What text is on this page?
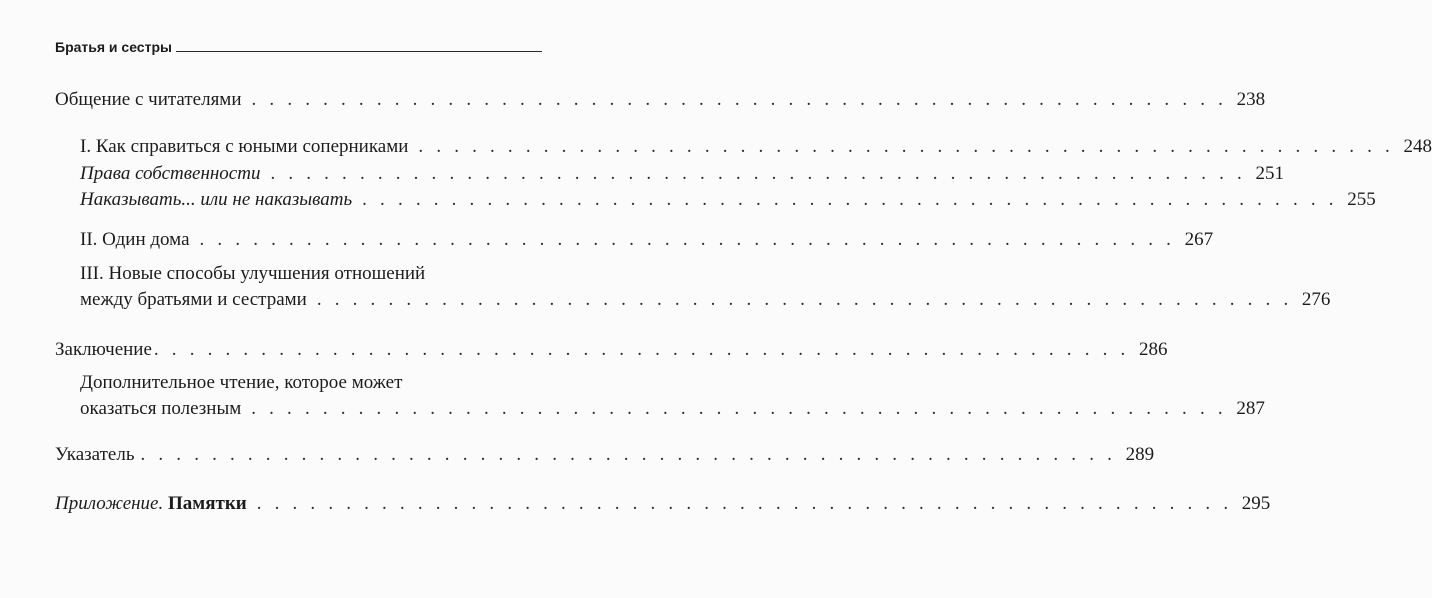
Братья и сестры
Общение с читателями . . . . . . . . . . . . . . . . . . . . . . . . . . . . . . . . . . . . . . . . . . . . . . . . . . . . . . . 238
I. Как справиться с юными соперниками . . . . . . . . . . . . . . . . . . . . . . . . . . . . . . . . . . . . . . . . . . . . . . . . . . . . . . . 248
Права собственности . . . . . . . . . . . . . . . . . . . . . . . . . . . . . . . . . . . . . . . . . . . . . . . . . . . . . . . 251
Наказывать... или не наказывать . . . . . . . . . . . . . . . . . . . . . . . . . . . . . . . . . . . . . . . . . . . . . . . . . . . . . . . 255
II. Один дома . . . . . . . . . . . . . . . . . . . . . . . . . . . . . . . . . . . . . . . . . . . . . . . . . . . . . . . 267
III. Новые способы улучшения отношений
между братьями и сестрами . . . . . . . . . . . . . . . . . . . . . . . . . . . . . . . . . . . . . . . . . . . . . . . . . . . . . . . 276
Заключение . . . . . . . . . . . . . . . . . . . . . . . . . . . . . . . . . . . . . . . . . . . . . . . . . . . . . . . 286
Дополнительное чтение, которое может
оказаться полезным . . . . . . . . . . . . . . . . . . . . . . . . . . . . . . . . . . . . . . . . . . . . . . . . . . . . . . . 287
Указатель . . . . . . . . . . . . . . . . . . . . . . . . . . . . . . . . . . . . . . . . . . . . . . . . . . . . . . . 289
Приложение. Памятки . . . . . . . . . . . . . . . . . . . . . . . . . . . . . . . . . . . . . . . . . . . . . . . . . . . . . . . 295
